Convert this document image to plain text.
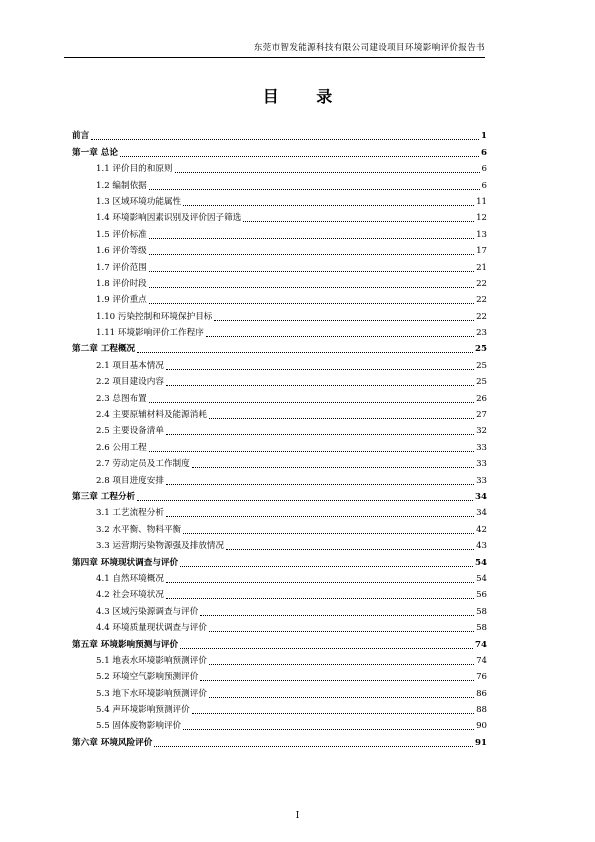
东莞市智发能源科技有限公司建设项目环境影响评价报告书
目 录
前言	1
第一章 总论	6
1.1 评价目的和原则	6
1.2 编制依据	6
1.3 区域环境功能属性	11
1.4 环境影响因素识别及评价因子筛选	12
1.5 评价标准	13
1.6 评价等级	17
1.7 评价范围	21
1.8 评价时段	22
1.9 评价重点	22
1.10 污染控制和环境保护目标	22
1.11 环境影响评价工作程序	23
第二章 工程概况	25
2.1 项目基本情况	25
2.2 项目建设内容	25
2.3 总图布置	26
2.4 主要原辅材料及能源消耗	27
2.5 主要设备清单	32
2.6 公用工程	33
2.7 劳动定员及工作制度	33
2.8 项目进度安排	33
第三章 工程分析	34
3.1 工艺流程分析	34
3.2 水平衡、物料平衡	42
3.3 运营期污染物源强及排放情况	43
第四章 环境现状调查与评价	54
4.1 自然环境概况	54
4.2 社会环境状况	56
4.3 区域污染源调查与评价	58
4.4 环境质量现状调查与评价	58
第五章 环境影响预测与评价	74
5.1 地表水环境影响预测评价	74
5.2 环境空气影响预测评价	76
5.3 地下水环境影响预测评价	86
5.4 声环境影响预测评价	88
5.5 固体废物影响评价	90
第六章 环境风险评价	91
I
